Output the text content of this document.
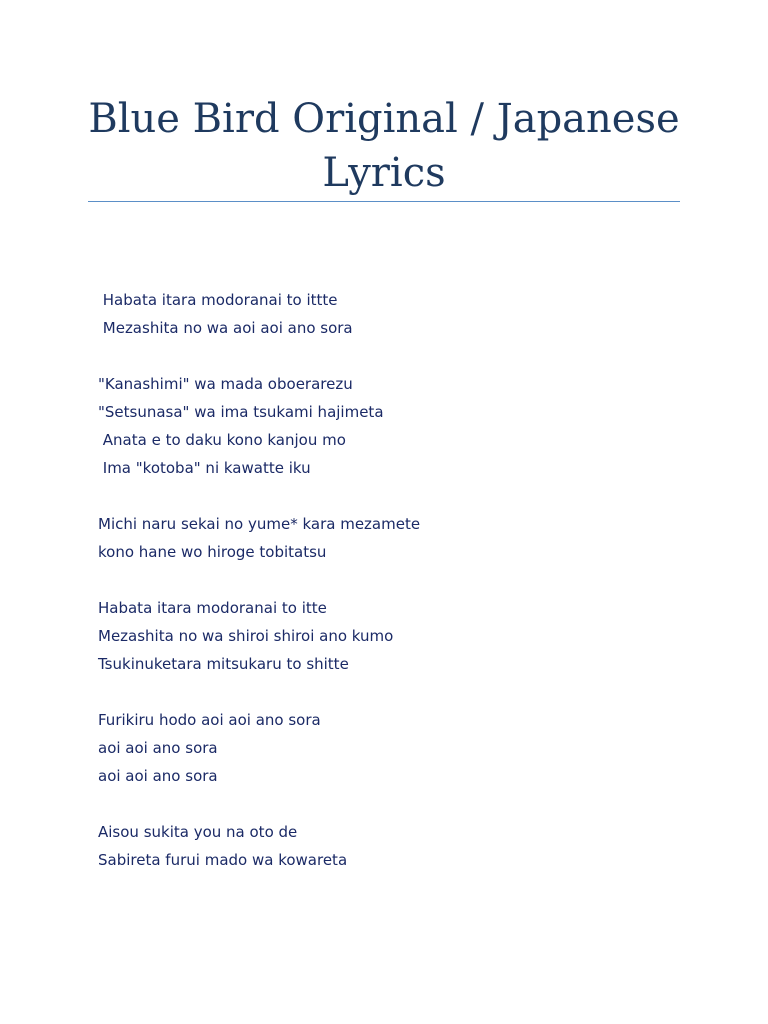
Blue Bird Original / Japanese Lyrics
Habata itara modoranai to ittte
Mezashita no wa aoi aoi ano sora
"Kanashimi" wa mada oboerarezu
"Setsunasa" wa ima tsukami hajimeta
Anata e to daku kono kanjou mo
Ima "kotoba" ni kawatte iku
Michi naru sekai no yume* kara mezamete
kono hane wo hiroge tobitatsu
Habata itara modoranai to itte
Mezashita no wa shiroi shiroi ano kumo
Tsukinuketara mitsukaru to shitte
Furikiru hodo aoi aoi ano sora
aoi aoi ano sora
aoi aoi ano sora
Aisou sukita you na oto de
Sabireta furui mado wa kowareta
